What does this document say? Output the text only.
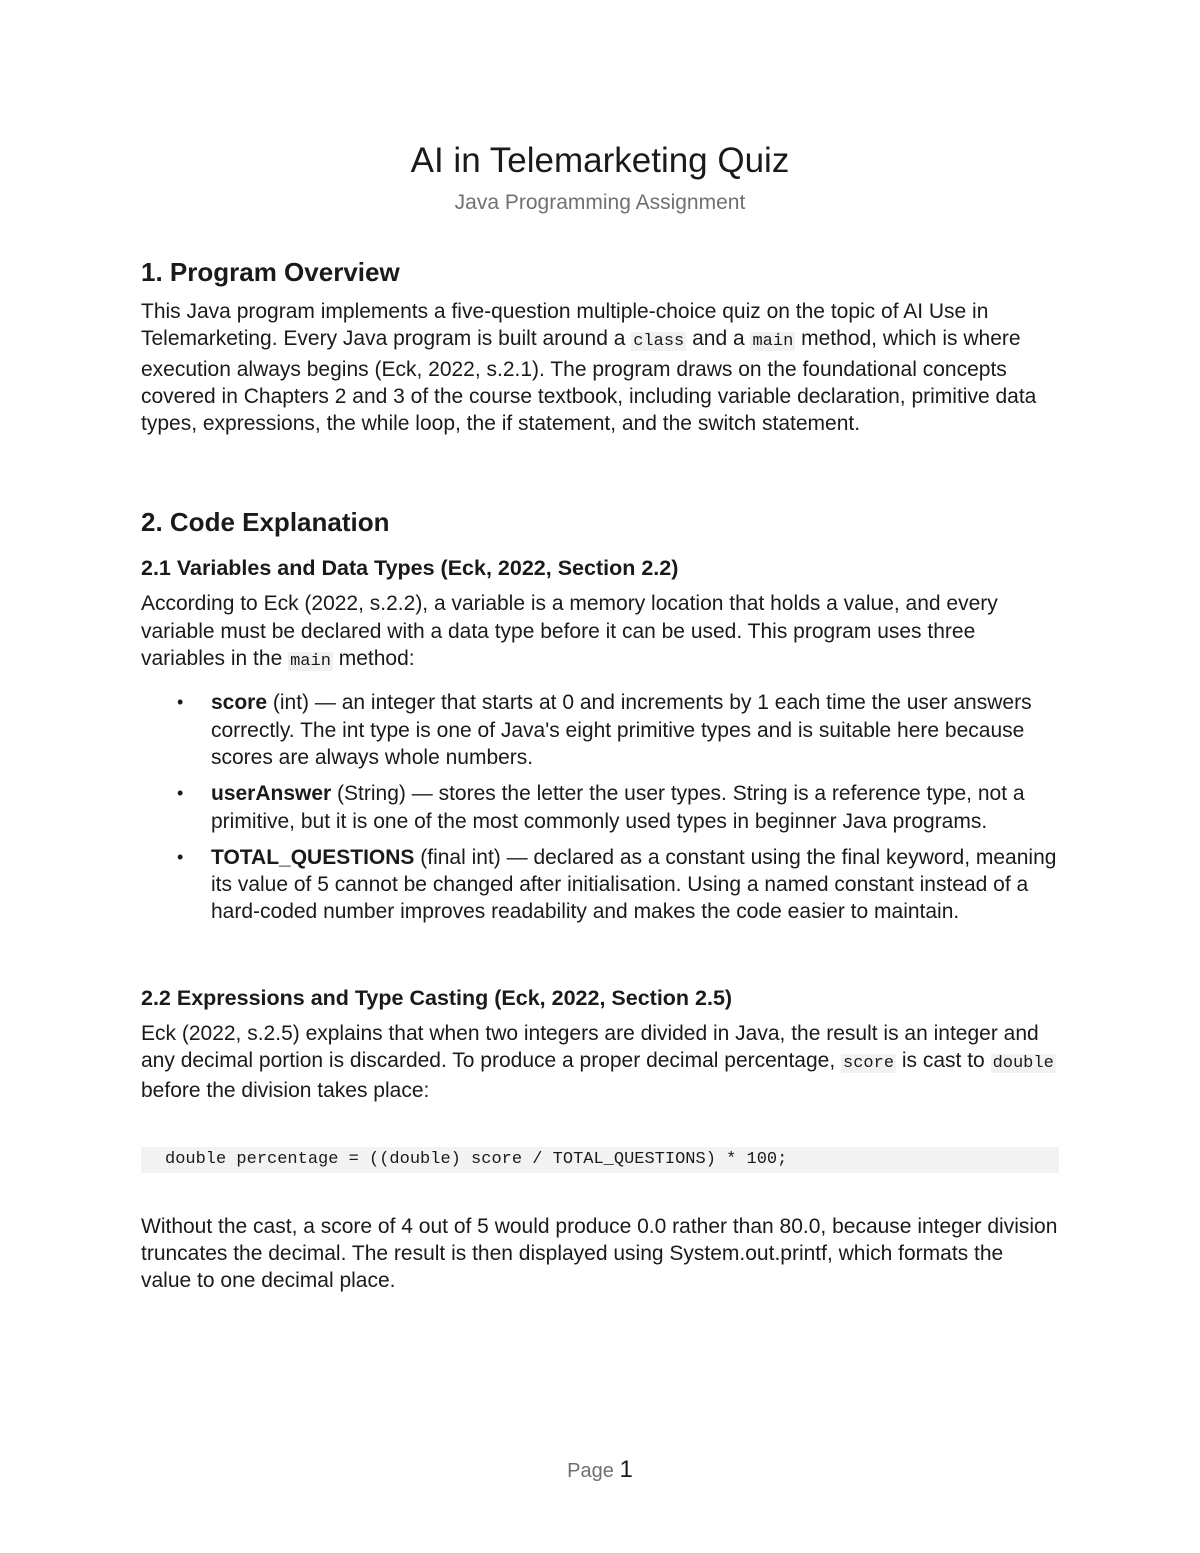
AI in Telemarketing Quiz
Java Programming Assignment
1. Program Overview

This Java program implements a five-question multiple-choice quiz on the topic of AI Use in Telemarketing. Every Java program is built around a class and a main method, which is where execution always begins (Eck, 2022, s.2.1). The program draws on the foundational concepts covered in Chapters 2 and 3 of the course textbook, including variable declaration, primitive data types, expressions, the while loop, the if statement, and the switch statement.

2. Code Explanation
2.1 Variables and Data Types (Eck, 2022, Section 2.2)

According to Eck (2022, s.2.2), a variable is a memory location that holds a value, and every variable must be declared with a data type before it can be used. This program uses three variables in the main method:

• score (int) — an integer that starts at 0 and increments by 1 each time the user answers correctly. The int type is one of Java's eight primitive types and is suitable here because scores are always whole numbers.
• userAnswer (String) — stores the letter the user types. String is a reference type, not a primitive, but it is one of the most commonly used types in beginner Java programs.
• TOTAL_QUESTIONS (final int) — declared as a constant using the final keyword, meaning its value of 5 cannot be changed after initialisation. Using a named constant instead of a hard-coded number improves readability and makes the code easier to maintain.
2.2 Expressions and Type Casting (Eck, 2022, Section 2.5)

Eck (2022, s.2.5) explains that when two integers are divided in Java, the result is an integer and any decimal portion is discarded. To produce a proper decimal percentage, score is cast to double before the division takes place:

double percentage = ((double) score / TOTAL_QUESTIONS) * 100;

Without the cast, a score of 4 out of 5 would produce 0.0 rather than 80.0, because integer division truncates the decimal. The result is then displayed using System.out.printf, which formats the value to one decimal place.

Page 1
